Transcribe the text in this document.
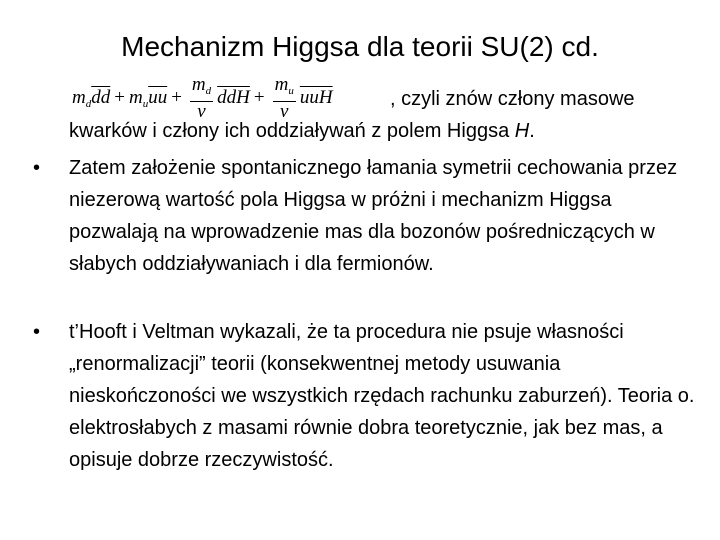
Mechanizm Higgsa dla teorii SU(2) cd.
$m_d$ $\overline{dd} + m_u$ $\overline{uu} + \frac{m_d}{v} \overline{ddH} + \frac{m_u}{v} \overline{uuH}$	, czyli znów człony masowe
kwarków i człony ich oddziaływań z polem Higgsa H.
•	Zatem założenie spontanicznego łamania symetrii cechowania przez niezerową wartość pola Higgsa w próżni i mechanizm Higgsa pozwalają na wprowadzenie mas dla bozonów pośredniczących w słabych oddziaływaniach i dla fermionów.
•	t’Hooft i Veltman wykazali, że ta procedura nie psuje własności „renormalizacji” teorii (konsekwentnej metody usuwania nieskończoności we wszystkich rzędach rachunku zaburzeń). Teoria o. elektrosłabych z masami równie dobra teoretycznie, jak bez mas, a opisuje dobrze rzeczywistość.
